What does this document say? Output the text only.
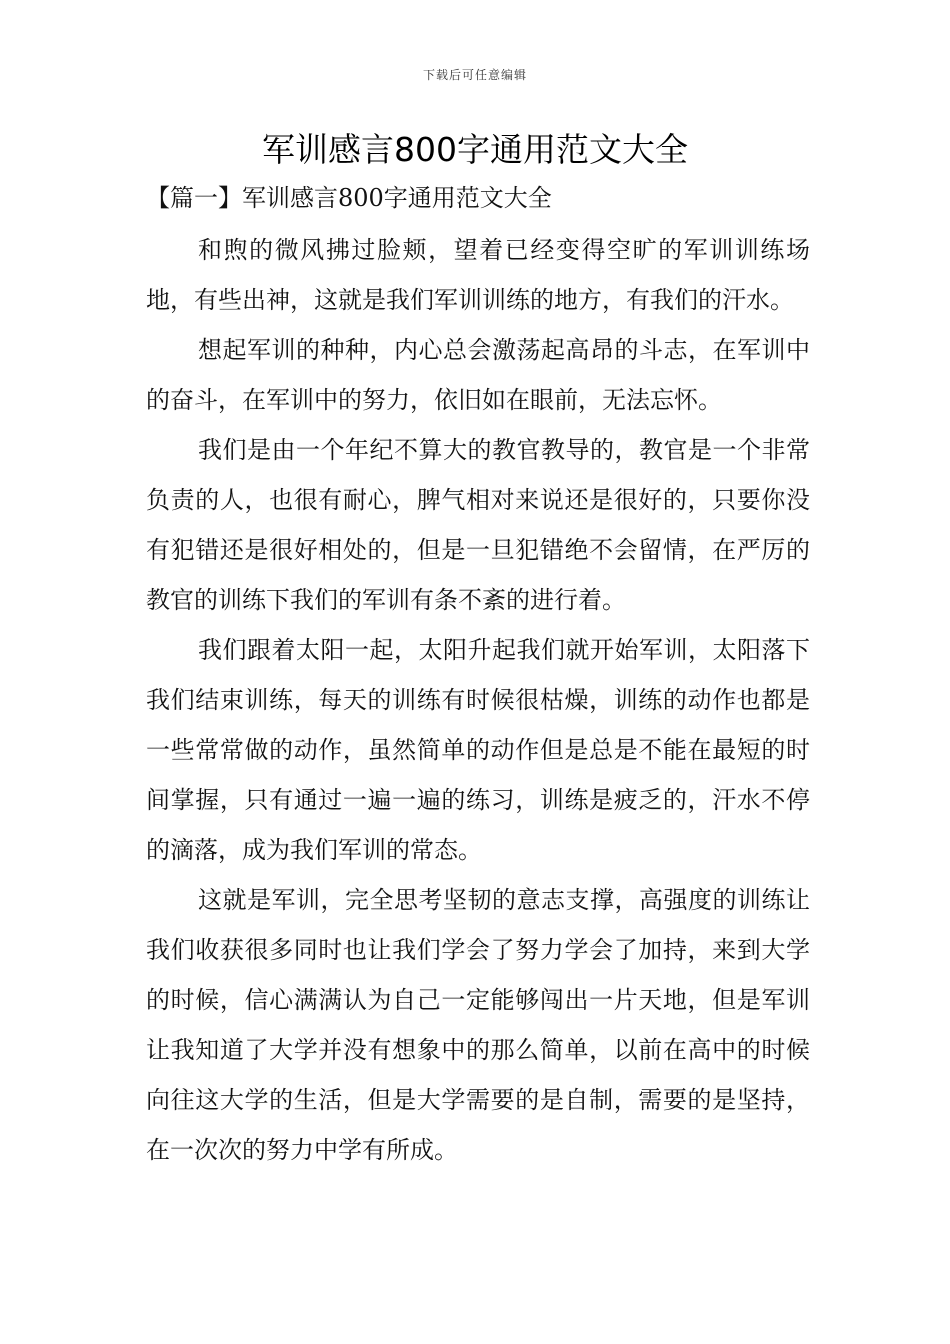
下载后可任意编辑
军训感言800字通用范文大全
【篇一】军训感言800字通用范文大全

和煦的微风拂过脸颊，望着已经变得空旷的军训训练场地，有些出神，这就是我们军训训练的地方，有我们的汗水。

想起军训的种种，内心总会激荡起高昂的斗志，在军训中的奋斗，在军训中的努力，依旧如在眼前，无法忘怀。

我们是由一个年纪不算大的教官教导的，教官是一个非常负责的人，也很有耐心，脾气相对来说还是很好的，只要你没有犯错还是很好相处的，但是一旦犯错绝不会留情，在严厉的教官的训练下我们的军训有条不紊的进行着。

我们跟着太阳一起，太阳升起我们就开始军训，太阳落下我们结束训练，每天的训练有时候很枯燥，训练的动作也都是一些常常做的动作，虽然简单的动作但是总是不能在最短的时间掌握，只有通过一遍一遍的练习，训练是疲乏的，汗水不停的滴落，成为我们军训的常态。

这就是军训，完全思考坚韧的意志支撑，高强度的训练让我们收获很多同时也让我们学会了努力学会了加持，来到大学的时候，信心满满认为自己一定能够闯出一片天地，但是军训让我知道了大学并没有想象中的那么简单，以前在高中的时候向往这大学的生活，但是大学需要的是自制，需要的是坚持，在一次次的努力中学有所成。
